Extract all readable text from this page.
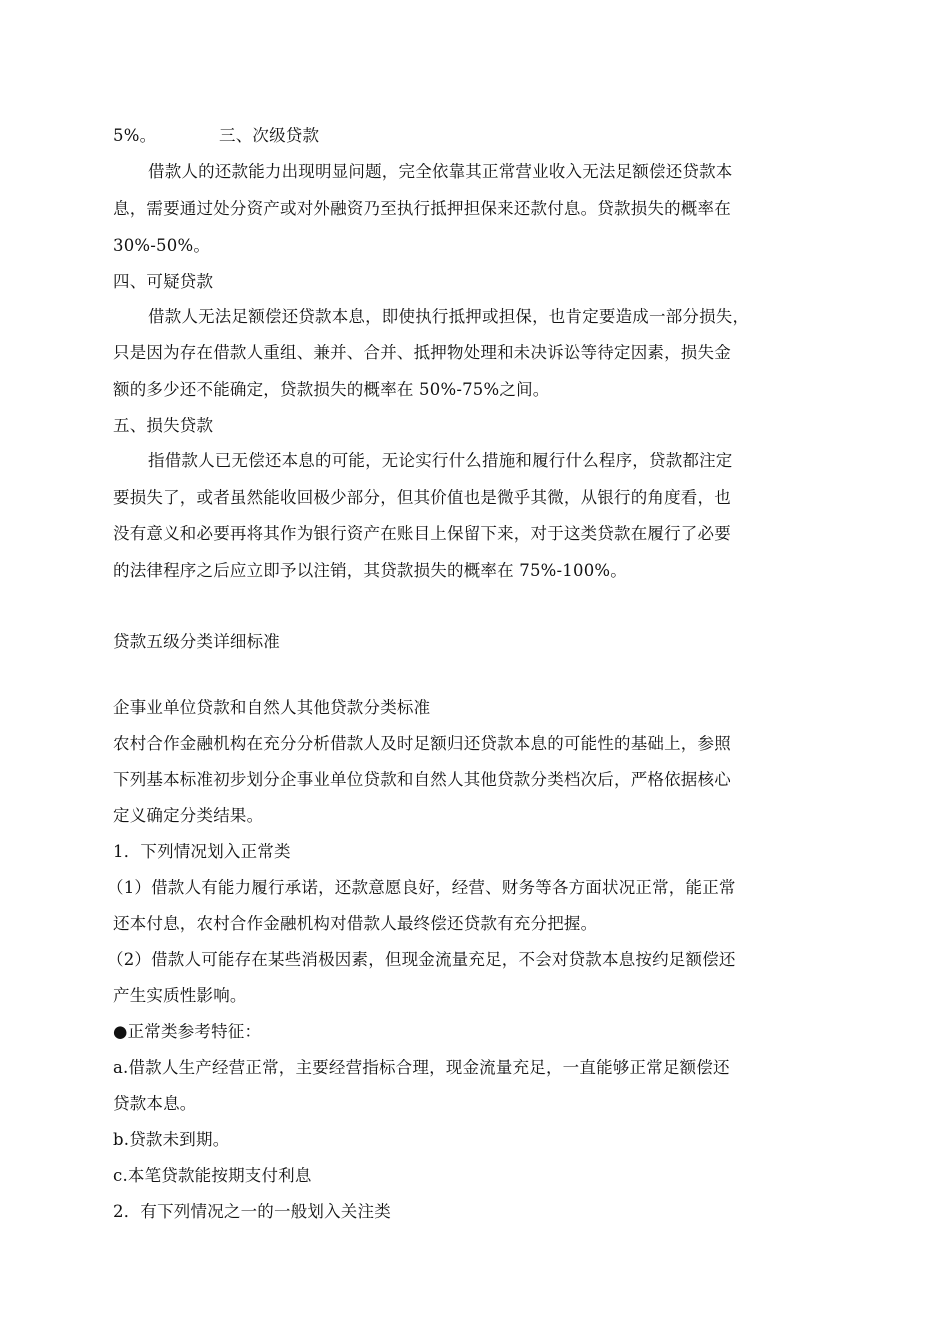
5%。	三、次级贷款
借款人的还款能力出现明显问题，完全依靠其正常营业收入无法足额偿还贷款本
息，需要通过处分资产或对外融资乃至执行抵押担保来还款付息。贷款损失的概率在
30%-50%。
四、可疑贷款
借款人无法足额偿还贷款本息，即使执行抵押或担保，也肯定要造成一部分损失，
只是因为存在借款人重组、兼并、合并、抵押物处理和未决诉讼等待定因素，损失金
额的多少还不能确定，贷款损失的概率在 50%-75%之间。
五、损失贷款
指借款人已无偿还本息的可能，无论实行什么措施和履行什么程序，贷款都注定
要损失了，或者虽然能收回极少部分，但其价值也是微乎其微，从银行的角度看，也
没有意义和必要再将其作为银行资产在账目上保留下来，对于这类贷款在履行了必要
的法律程序之后应立即予以注销，其贷款损失的概率在 75%-100%。
贷款五级分类详细标准
企事业单位贷款和自然人其他贷款分类标准
农村合作金融机构在充分分析借款人及时足额归还贷款本息的可能性的基础上，参照
下列基本标准初步划分企事业单位贷款和自然人其他贷款分类档次后，严格依据核心
定义确定分类结果。
1．下列情况划入正常类
（1）借款人有能力履行承诺，还款意愿良好，经营、财务等各方面状况正常，能正常
还本付息，农村合作金融机构对借款人最终偿还贷款有充分把握。
（2）借款人可能存在某些消极因素，但现金流量充足，不会对贷款本息按约足额偿还
产生实质性影响。
●正常类参考特征：
a.借款人生产经营正常，主要经营指标合理，现金流量充足，一直能够正常足额偿还
贷款本息。
b.贷款未到期。
c.本笔贷款能按期支付利息
2．有下列情况之一的一般划入关注类
